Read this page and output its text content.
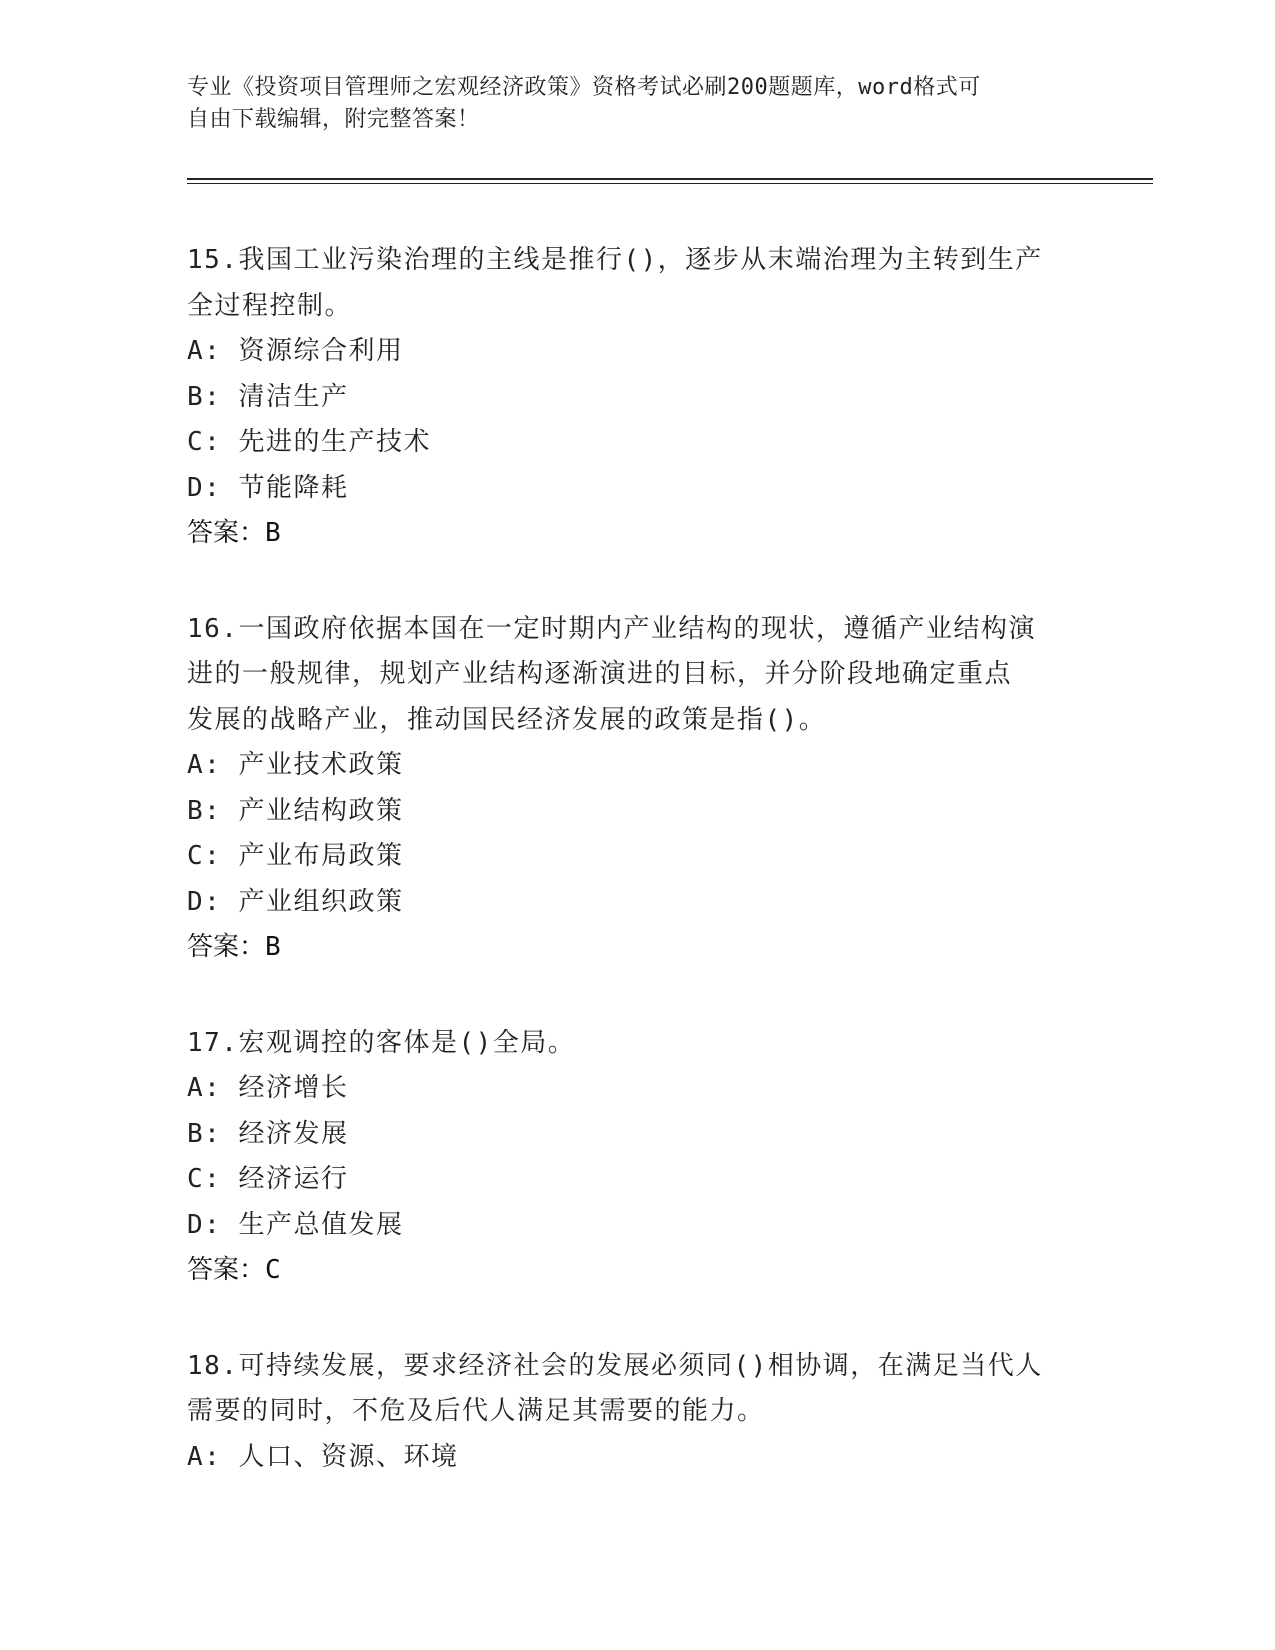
专业《投资项目管理师之宏观经济政策》资格考试必刷200题题库，word格式可
自由下载编辑，附完整答案！

15.我国工业污染治理的主线是推行()，逐步从末端治理为主转到生产

全过程控制。

A: 资源综合利用

B: 清洁生产

C: 先进的生产技术

D: 节能降耗

答案：B

16.一国政府依据本国在一定时期内产业结构的现状，遵循产业结构演

进的一般规律，规划产业结构逐渐演进的目标，并分阶段地确定重点

发展的战略产业，推动国民经济发展的政策是指()。

A: 产业技术政策

B: 产业结构政策

C: 产业布局政策

D: 产业组织政策

答案：B

17.宏观调控的客体是()全局。

A: 经济增长

B: 经济发展

C: 经济运行

D: 生产总值发展

答案：C

18.可持续发展，要求经济社会的发展必须同()相协调，在满足当代人

需要的同时，不危及后代人满足其需要的能力。

A: 人口、资源、环境
